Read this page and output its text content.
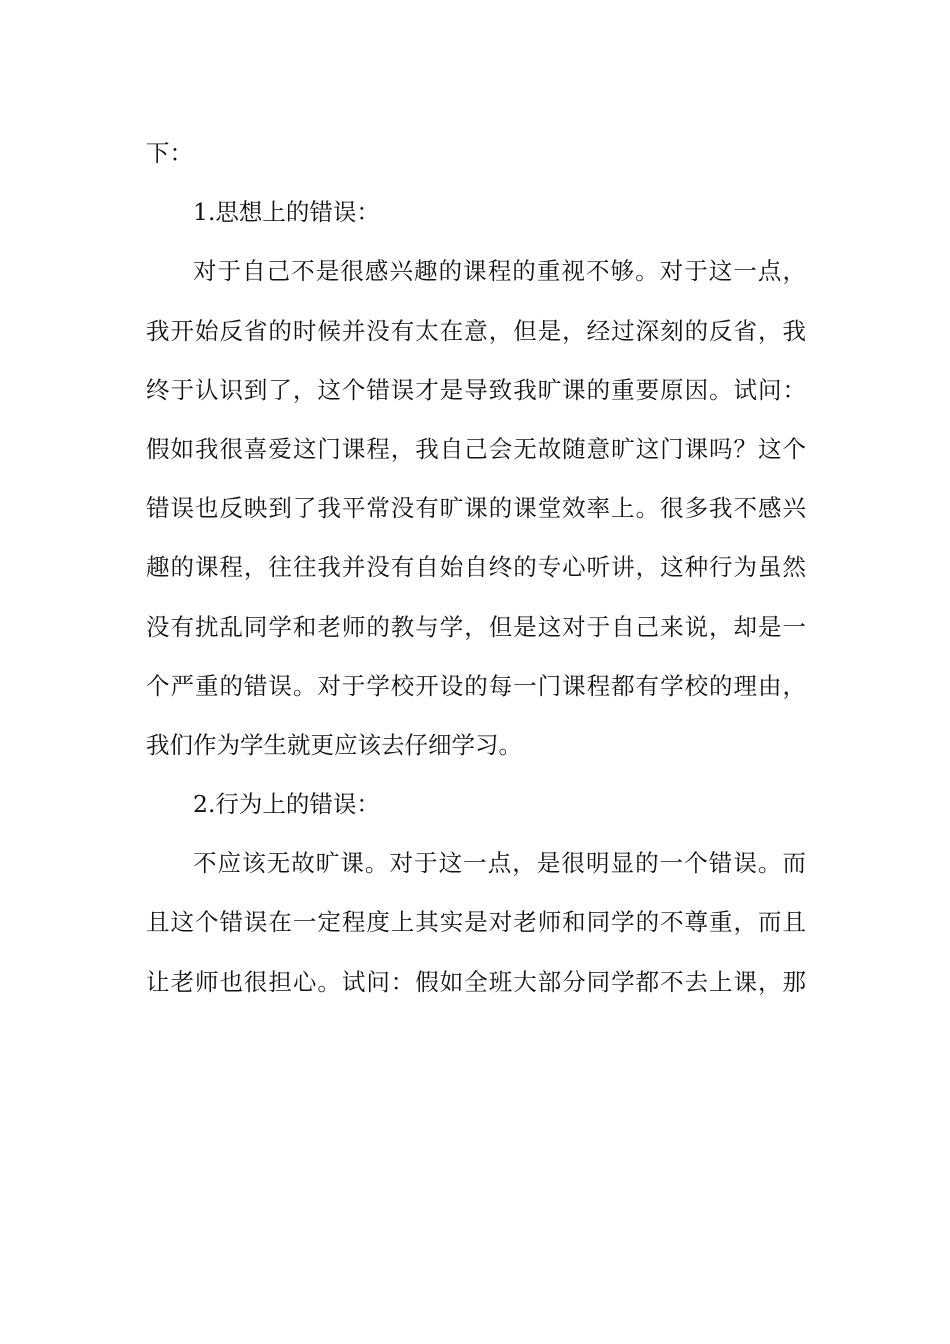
下：
1.思想上的错误：
对于自己不是很感兴趣的课程的重视不够。对于这一点，
我开始反省的时候并没有太在意，但是，经过深刻的反省，我
终于认识到了，这个错误才是导致我旷课的重要原因。试问：
假如我很喜爱这门课程，我自己会无故随意旷这门课吗？这个
错误也反映到了我平常没有旷课的课堂效率上。很多我不感兴
趣的课程，往往我并没有自始自终的专心听讲，这种行为虽然
没有扰乱同学和老师的教与学，但是这对于自己来说，却是一
个严重的错误。对于学校开设的每一门课程都有学校的理由，
我们作为学生就更应该去仔细学习。
2.行为上的错误：
不应该无故旷课。对于这一点，是很明显的一个错误。而
且这个错误在一定程度上其实是对老师和同学的不尊重，而且
让老师也很担心。试问：假如全班大部分同学都不去上课，那
